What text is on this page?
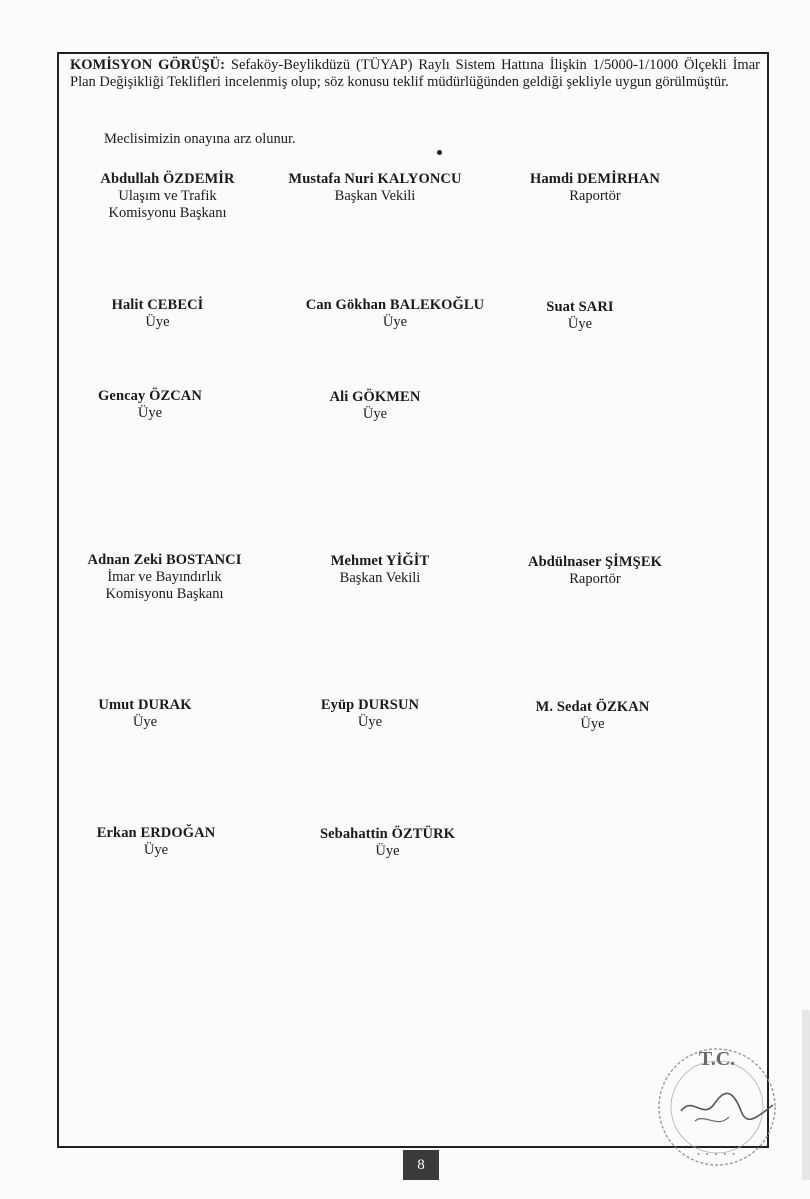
KOMİSYON GÖRÜŞÜ: Sefaköy-Beylikdüzü (TÜYAP) Raylı Sistem Hattına İlişkin 1/5000-1/1000 Ölçekli İmar Plan Değişikliği Teklifleri incelenmiş olup; söz konusu teklif müdürlüğünden geldiği şekliyle uygun görülmüştür.
Meclisimizin onayına arz olunur.
Abdullah ÖZDEMİR
Ulaşım ve Trafik
Komisyonu Başkanı
Mustafa Nuri KALYONCU
Başkan Vekili
Hamdi DEMİRHAN
Raportör
Halit CEBECİ
Üye
Can Gökhan BALEKOĞLU
Üye
Suat SARI
Üye
Gencay ÖZCAN
Üye
Ali GÖKMEN
Üye
Adnan Zeki BOSTANCI
İmar ve Bayındırlık
Komisyonu Başkanı
Mehmet YİĞİT
Başkan Vekili
Abdülnaser ŞİMŞEK
Raportör
Umut DURAK
Üye
Eyüp DURSUN
Üye
M. Sedat ÖZKAN
Üye
Erkan ERDOĞAN
Üye
Sebahattin ÖZTÜRK
Üye
8
T.C.
• • • • •
